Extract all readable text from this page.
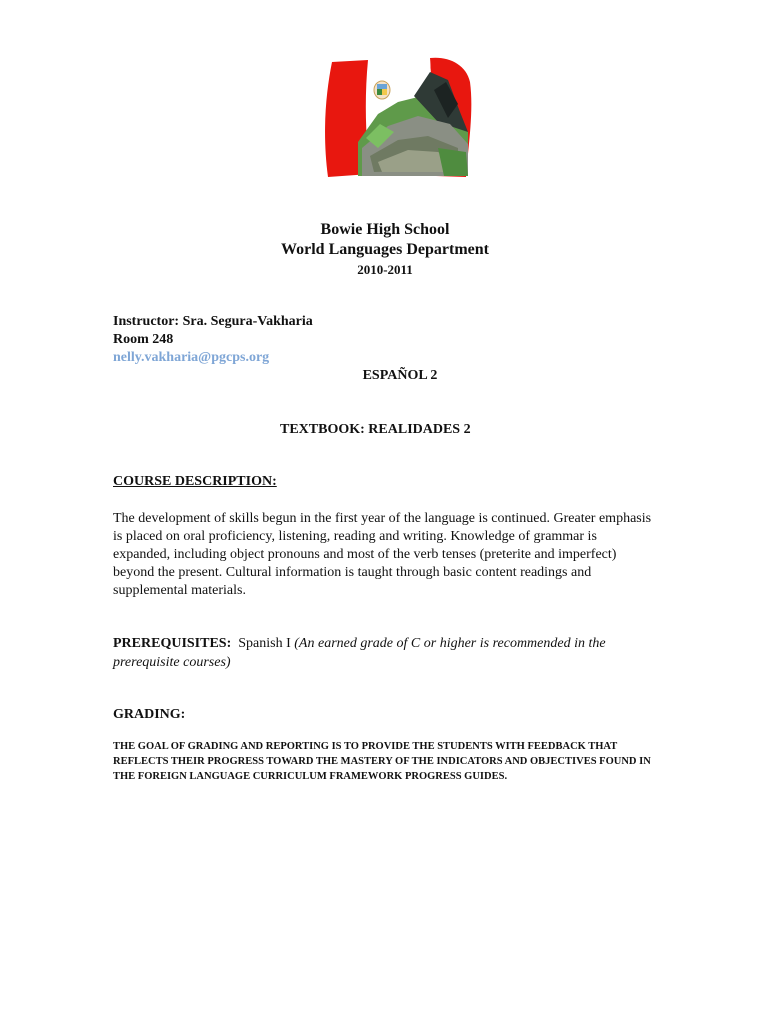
Bowie High School
World Languages Department
2010-2011
Instructor: Sra. Segura-Vakharia
Room 248
nelly.vakharia@pgcps.org
ESPAÑOL 2
TEXTBOOK: REALIDADES 2
COURSE DESCRIPTION:
The development of skills begun in the first year of the language is continued. Greater emphasis is placed on oral proficiency, listening, reading and writing. Knowledge of grammar is expanded, including object pronouns and most of the verb tenses (preterite and imperfect) beyond the present. Cultural information is taught through basic content readings and supplemental materials.
PREREQUISITES:  Spanish I (An earned grade of C or higher is recommended in the prerequisite courses)
GRADING:
THE GOAL OF GRADING AND REPORTING IS TO PROVIDE THE STUDENTS WITH FEEDBACK THAT REFLECTS THEIR PROGRESS TOWARD THE MASTERY OF THE INDICATORS AND OBJECTIVES FOUND IN THE FOREIGN LANGUAGE CURRICULUM FRAMEWORK PROGRESS GUIDES.
